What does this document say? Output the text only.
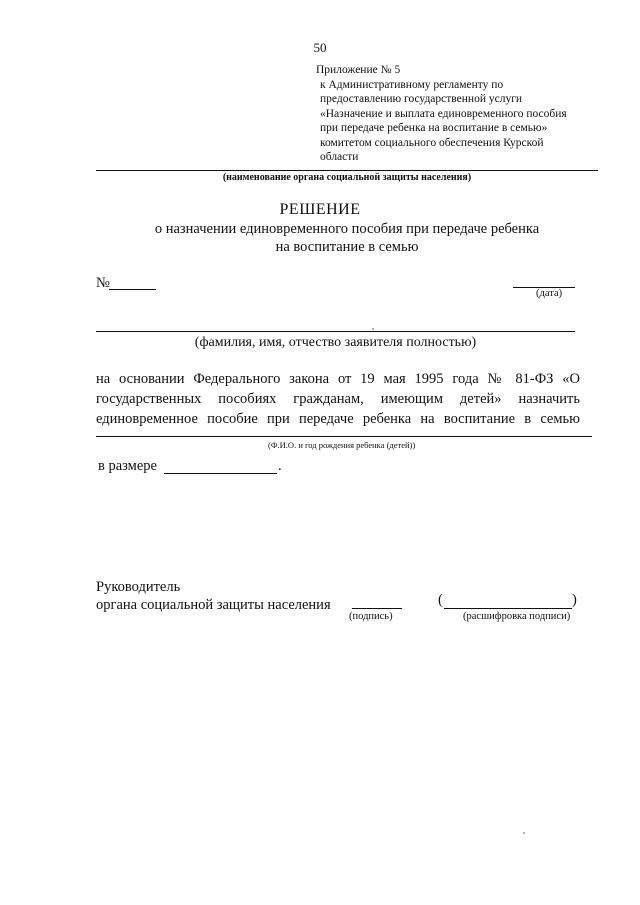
50
Приложение № 5
к Административному регламенту по
предоставлению государственной услуги
«Назначение и выплата единовременного пособия
при передаче ребенка на воспитание в семью»
комитетом социального обеспечения Курской
области
(наименование органа социальной защиты населения)
РЕШЕНИЕ
о назначении единовременного пособия при передаче ребенка
на воспитание в семью
№
(дата)
(фамилия, имя, отчество заявителя полностью)
на основании Федерального закона от 19 мая 1995 года № 81-ФЗ «О
государственных пособиях гражданам, имеющим детей» назначить
единовременное пособие при передаче ребенка на воспитание в семью
(Ф.И.О. и год рождения ребенка (детей))
в размере	.
Руководитель
органа социальной защиты населения
(подпись)
(	)
(расшифровка подписи)
